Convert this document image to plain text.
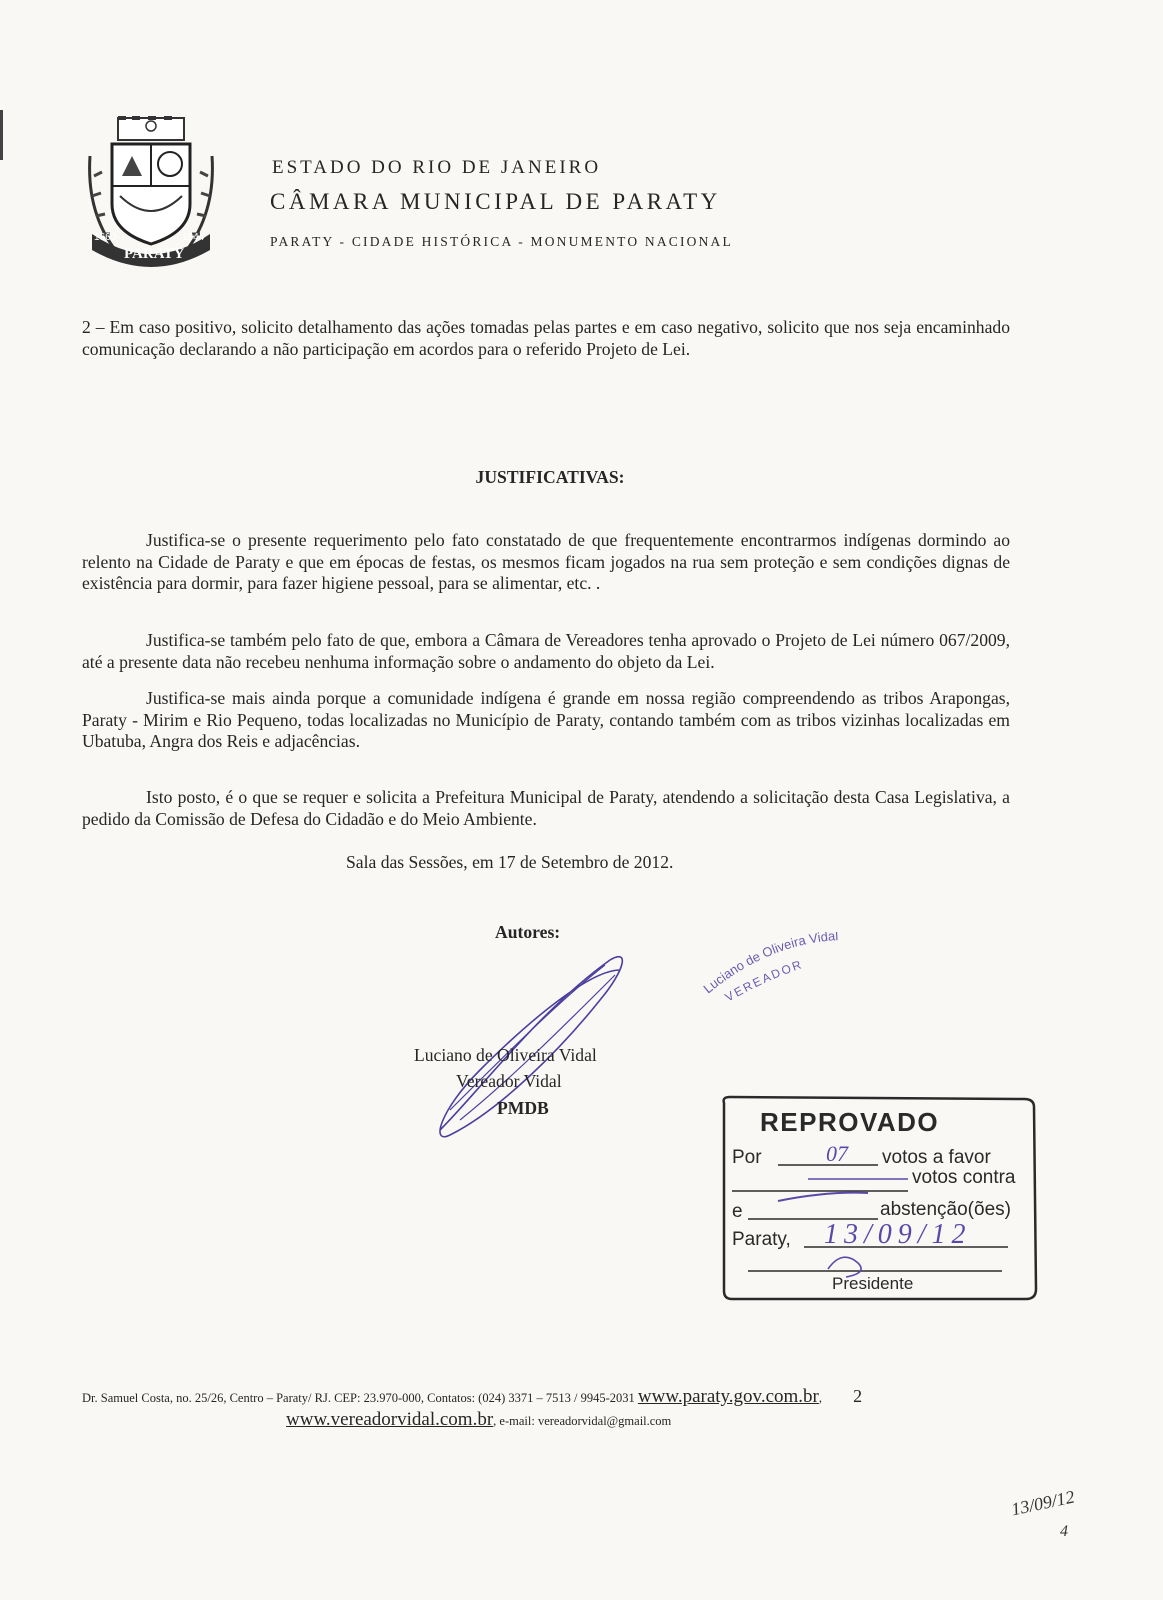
1660	1844
PARATY
ESTADO DO RIO DE JANEIRO
CÂMARA MUNICIPAL DE PARATY
PARATY - CIDADE HISTÓRICA - MONUMENTO NACIONAL

2 – Em caso positivo, solicito detalhamento das ações tomadas pelas partes e em caso negativo, solicito que nos seja encaminhado comunicação declarando a não participação em acordos para o referido Projeto de Lei.

JUSTIFICATIVAS:

Justifica-se o presente requerimento pelo fato constatado de que frequentemente encontrarmos indígenas dormindo ao relento na Cidade de Paraty e que em épocas de festas, os mesmos ficam jogados na rua sem proteção e sem condições dignas de existência para dormir, para fazer higiene pessoal, para se alimentar, etc. .

Justifica-se também pelo fato de que, embora a Câmara de Vereadores tenha aprovado o Projeto de Lei número 067/2009, até a presente data não recebeu nenhuma informação sobre o andamento do objeto da Lei.

Justifica-se mais ainda porque a comunidade indígena é grande em nossa região compreendendo as tribos Arapongas, Paraty - Mirim e Rio Pequeno, todas localizadas no Município de Paraty, contando também com as tribos vizinhas localizadas em Ubatuba, Angra dos Reis e adjacências.

Isto posto, é o que se requer e solicita a Prefeitura Municipal de Paraty, atendendo a solicitação desta Casa Legislativa, a pedido da Comissão de Defesa do Cidadão e do Meio Ambiente.

Sala das Sessões, em 17 de Setembro de 2012.
Autores:
Luciano de Oliveira Vidal
Vereador Vidal
PMDB
Luciano de Oliveira Vidal
VEREADOR
REPROVADO
Por	07 votos a favor
votos contra
e	abstenção(ões)
Paraty, 13/09/12
Presidente
Dr. Samuel Costa, no. 25/26, Centro – Paraty/ RJ. CEP: 23.970-000, Contatos: (024) 3371 – 7513 / 9945-2031 www.paraty.gov.com.br, 2
www.vereadorvidal.com.br, e-mail: vereadorvidal@gmail.com
13/09/12
4
